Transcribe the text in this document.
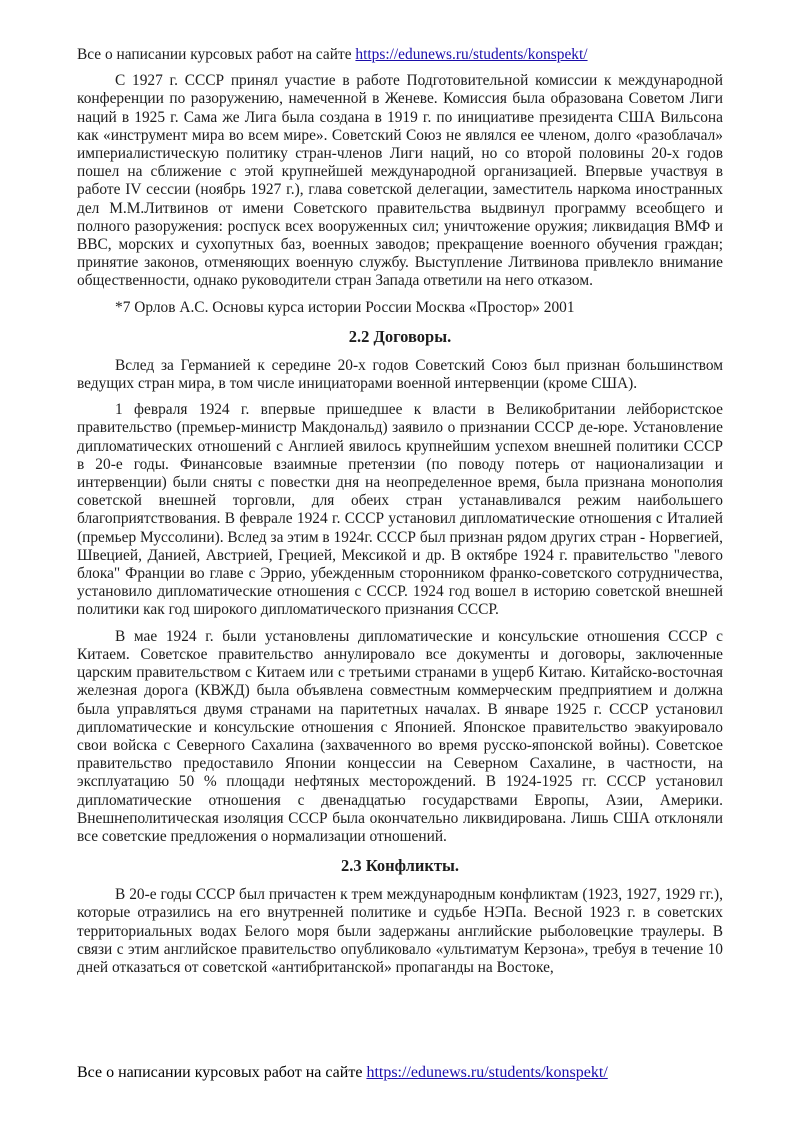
Все о написании курсовых работ на сайте https://edunews.ru/students/konspekt/

С 1927 г. СССР принял участие в работе Подготовительной комиссии к международной конференции по разоружению, намеченной в Женеве. Комиссия была образована Советом Лиги наций в 1925 г. Сама же Лига была создана в 1919 г. по инициативе президента США Вильсона как «инструмент мира во всем мире». Советский Союз не являлся ее членом, долго «разоблачал» империалистическую политику стран-членов Лиги наций, но со второй половины 20-х годов пошел на сближение с этой крупнейшей международной организацией. Впервые участвуя в работе IV сессии (ноябрь 1927 г.), глава советской делегации, заместитель наркома иностранных дел М.М.Литвинов от имени Советского правительства выдвинул программу всеобщего и полного разоружения: роспуск всех вооруженных сил; уничтожение оружия; ликвидация ВМФ и ВВС, морских и сухопутных баз, военных заводов; прекращение военного обучения граждан; принятие законов, отменяющих военную службу. Выступление Литвинова привлекло внимание общественности, однако руководители стран Запада ответили на него отказом.

*7 Орлов А.С. Основы курса истории России Москва «Простор» 2001

2.2 Договоры.

Вслед за Германией к середине 20-х годов Советский Союз был признан большинством ведущих стран мира, в том числе инициаторами военной интервенции (кроме США).

1 февраля 1924 г. впервые пришедшее к власти в Великобритании лейбористское правительство (премьер-министр Макдональд) заявило о признании СССР де-юре. Установление дипломатических отношений с Англией явилось крупнейшим успехом внешней политики СССР в 20-е годы. Финансовые взаимные претензии (по поводу потерь от национализации и интервенции) были сняты с повестки дня на неопределенное время, была признана монополия советской внешней торговли, для обеих стран устанавливался режим наибольшего благоприятствования. В феврале 1924 г. СССР установил дипломатические отношения с Италией (премьер Муссолини). Вслед за этим в 1924г. СССР был признан рядом других стран - Норвегией, Швецией, Данией, Австрией, Грецией, Мексикой и др. В октябре 1924 г. правительство "левого блока" Франции во главе с Эррио, убежденным сторонником франко-советского сотрудничества, установило дипломатические отношения с СССР. 1924 год вошел в историю советской внешней политики как год широкого дипломатического признания СССР.

В мае 1924 г. были установлены дипломатические и консульские отношения СССР с Китаем. Советское правительство аннулировало все документы и договоры, заключенные царским правительством с Китаем или с третьими странами в ущерб Китаю. Китайско-восточная железная дорога (КВЖД) была объявлена совместным коммерческим предприятием и должна была управляться двумя странами на паритетных началах. В январе 1925 г. СССР установил дипломатические и консульские отношения с Японией. Японское правительство эвакуировало свои войска с Северного Сахалина (захваченного во время русско-японской войны). Советское правительство предоставило Японии концессии на Северном Сахалине, в частности, на эксплуатацию 50 % площади нефтяных месторождений. В 1924-1925 гг. СССР установил дипломатические отношения с двенадцатью государствами Европы, Азии, Америки. Внешнеполитическая изоляция СССР была окончательно ликвидирована. Лишь США отклоняли все советские предложения о нормализации отношений.

2.3 Конфликты.

В 20-е годы СССР был причастен к трем международным конфликтам (1923, 1927, 1929 гг.), которые отразились на его внутренней политике и судьбе НЭПа. Весной 1923 г. в советских территориальных водах Белого моря были задержаны английские рыболовецкие траулеры. В связи с этим английское правительство опубликовало «ультиматум Керзона», требуя в течение 10 дней отказаться от советской «антибританской» пропаганды на Востоке,

Все о написании курсовых работ на сайте https://edunews.ru/students/konspekt/
